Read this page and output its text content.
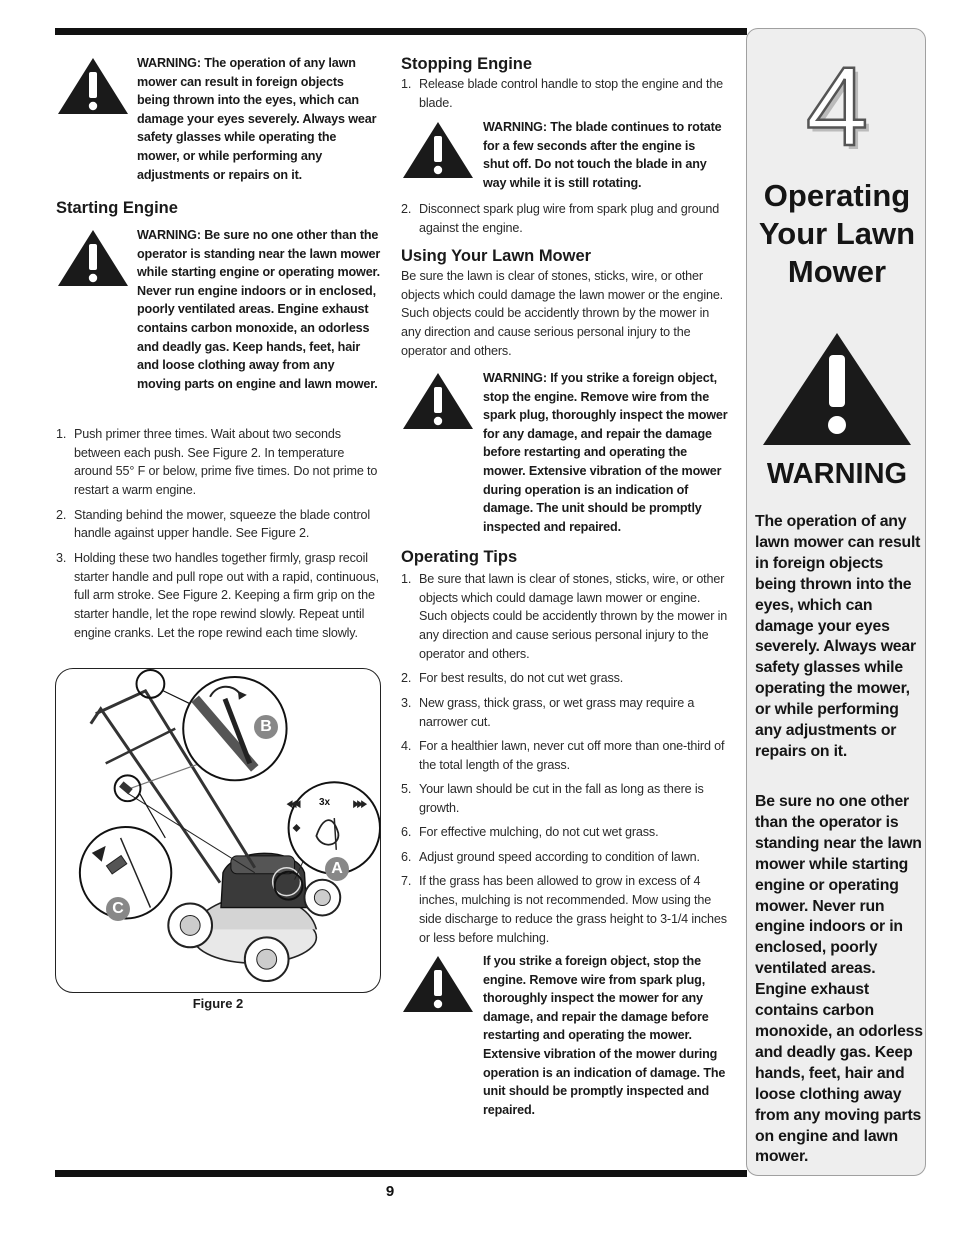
WARNING: The operation of any lawn mower can result in foreign objects being thrown into the eyes, which can damage your eyes severely. Always wear safety glasses while operating the mower, or while performing any adjustments or repairs on it.
Starting Engine
WARNING: Be sure no one other than the operator is standing near the lawn mower while starting engine or operating mower. Never run engine indoors or in enclosed, poorly ventilated areas. Engine exhaust contains carbon monoxide, an odorless and deadly gas. Keep hands, feet, hair and loose clothing away from any moving parts on engine and lawn mower.
1. Push primer three times. Wait about two seconds between each push. See Figure 2. In temperature around 55° F or below, prime five times. Do not prime to restart a warm engine.
2. Standing behind the mower, squeeze the blade control handle against upper handle. See Figure 2.
3. Holding these two handles together firmly, grasp recoil starter handle and pull rope out with a rapid, continuous, full arm stroke. See Figure 2. Keeping a firm grip on the starter handle, let the rope rewind slowly. Repeat until engine cranks. Let the rope rewind each time slowly.
B
A
C
3x
Figure 2
Stopping Engine
1. Release blade control handle to stop the engine and the blade.
WARNING: The blade continues to rotate for a few seconds after the engine is shut off. Do not touch the blade in any way while it is still rotating.
2. Disconnect spark plug wire from spark plug and ground against the engine.
Using Your Lawn Mower
Be sure the lawn is clear of stones, sticks, wire, or other objects which could damage the lawn mower or the engine. Such objects could be accidently thrown by the mower in any direction and cause serious personal injury to the operator and others.
WARNING: If you strike a foreign object, stop the engine. Remove wire from the spark plug, thoroughly inspect the mower for any damage, and repair the damage before restarting and operating the mower. Extensive vibration of the mower during operation is an indication of damage. The unit should be promptly inspected and repaired.
Operating Tips
1. Be sure that lawn is clear of stones, sticks, wire, or other objects which could damage lawn mower or engine. Such objects could be accidently thrown by the mower in any direction and cause serious personal injury to the operator and others.
2. For best results, do not cut wet grass.
3. New grass, thick grass, or wet grass may require a narrower cut.
4. For a healthier lawn, never cut off more than one-third of the total length of the grass.
5. Your lawn should be cut in the fall as long as there is growth.
6. For effective mulching, do not cut wet grass.
6. Adjust ground speed according to condition of lawn.
7. If the grass has been allowed to grow in excess of 4 inches, mulching is not recommended. Mow using the side discharge to reduce the grass height to 3-1/4 inches or less before mulching.
If you strike a foreign object, stop the engine. Remove wire from spark plug, thoroughly inspect the mower for any damage, and repair the damage before restarting and operating the mower. Extensive vibration of the mower during operation is an indication of damage. The unit should be promptly inspected and repaired.
9
4
Operating Your Lawn Mower
WARNING
The operation of any lawn mower can result in foreign objects being thrown into the eyes, which can damage your eyes severely. Always wear safety glasses while operating the mower, or while performing any adjustments or repairs on it.
Be sure no one other than the operator is standing near the lawn mower while starting engine or operating mower. Never run engine indoors or in enclosed, poorly ventilated areas. Engine exhaust contains carbon monoxide, an odorless and deadly gas. Keep hands, feet, hair and loose clothing away from any moving parts on engine and lawn mower.
